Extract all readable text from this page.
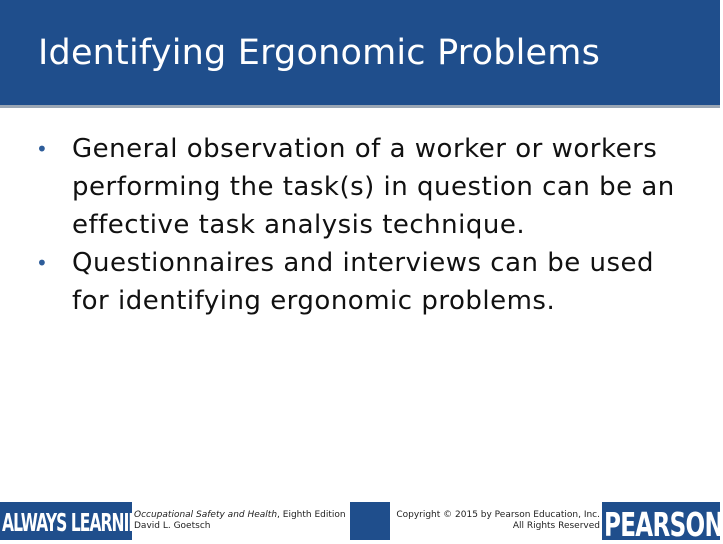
Identifying Ergonomic Problems
• General observation of a worker or workers performing the task(s) in question can be an effective task analysis technique.
• Questionnaires and interviews can be used for identifying ergonomic problems.
ALWAYS LEARNING
Occupational Safety and Health, Eighth Edition
David L. Goetsch
Copyright © 2015 by Pearson Education, Inc.
All Rights Reserved PEARSON
